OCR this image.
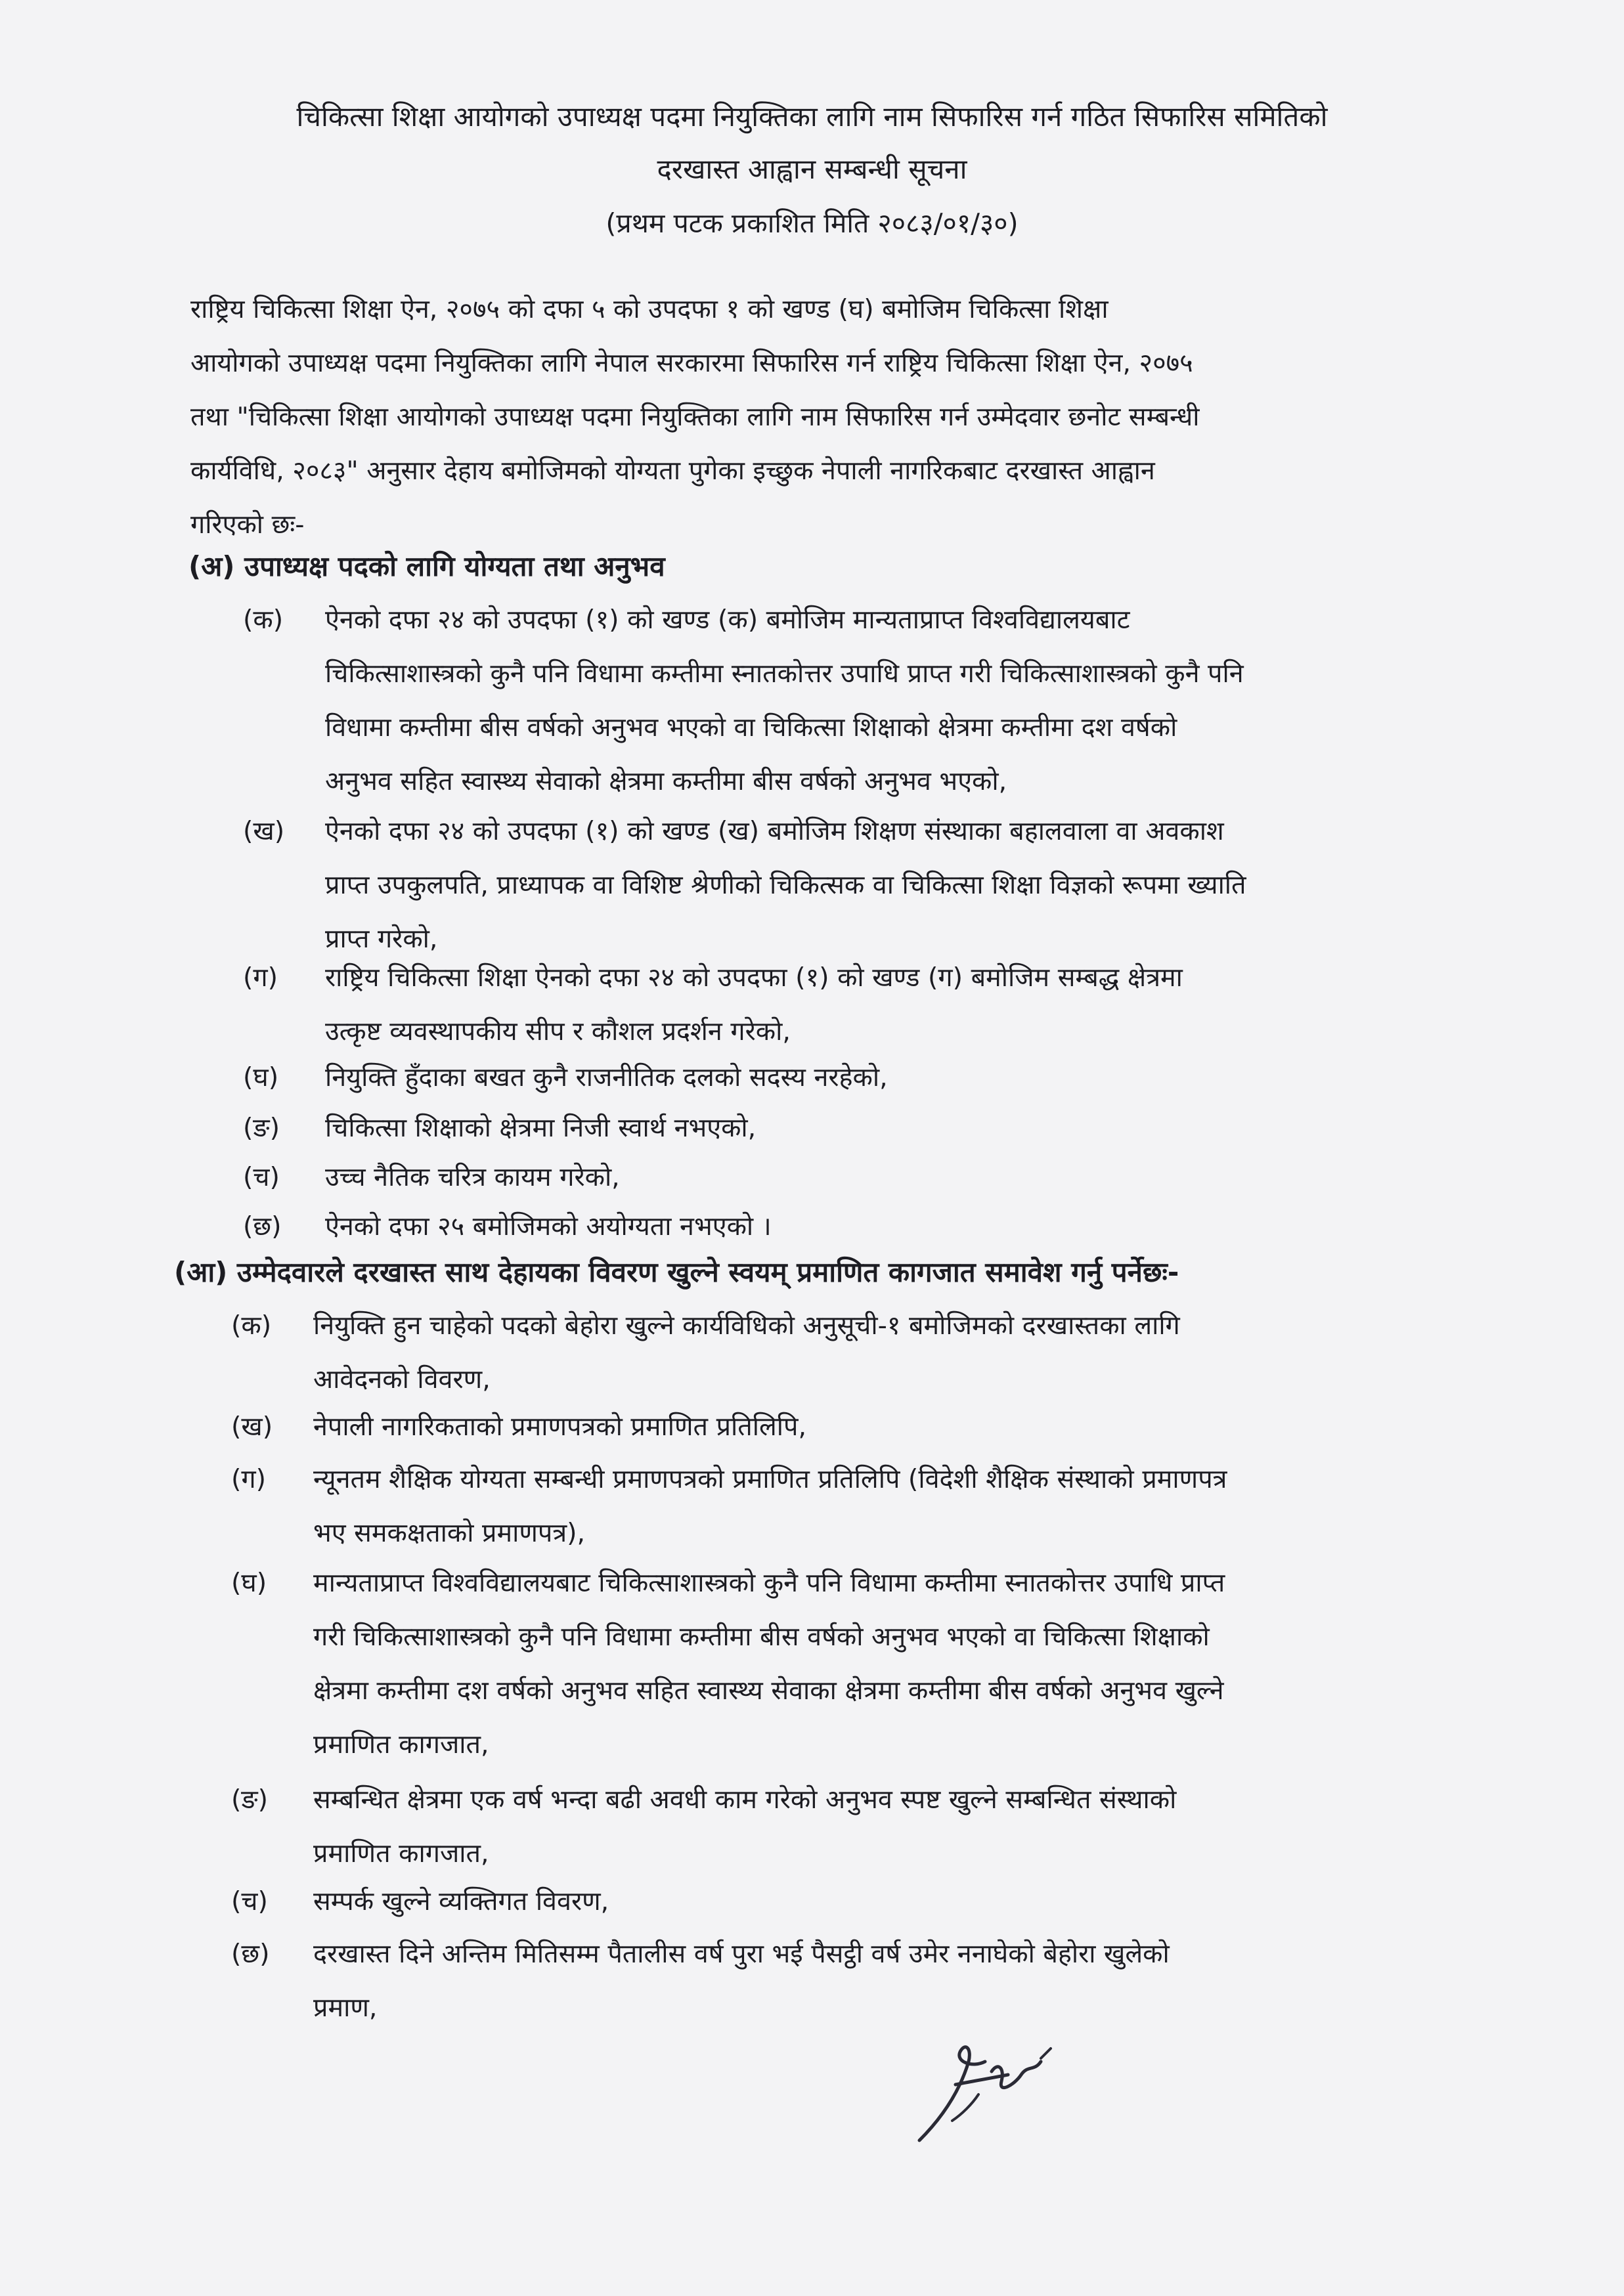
चिकित्सा शिक्षा आयोगको उपाध्यक्ष पदमा नियुक्तिका लागि नाम सिफारिस गर्न गठित सिफारिस समितिको
दरखास्त आह्वान सम्बन्धी सूचना
(प्रथम पटक प्रकाशित मिति २०८३/०१/३०)
राष्ट्रिय चिकित्सा शिक्षा ऐन, २०७५ को दफा ५ को उपदफा १ को खण्ड (घ) बमोजिम चिकित्सा शिक्षा
आयोगको उपाध्यक्ष पदमा नियुक्तिका लागि नेपाल सरकारमा सिफारिस गर्न राष्ट्रिय चिकित्सा शिक्षा ऐन, २०७५
तथा "चिकित्सा शिक्षा आयोगको उपाध्यक्ष पदमा नियुक्तिका लागि नाम सिफारिस गर्न उम्मेदवार छनोट सम्बन्धी
कार्यविधि, २०८३" अनुसार देहाय बमोजिमको योग्यता पुगेका इच्छुक नेपाली नागरिकबाट दरखास्त आह्वान
गरिएको छः-
(अ) उपाध्यक्ष पदको लागि योग्यता तथा अनुभव
(क) ऐनको दफा २४ को उपदफा (१) को खण्ड (क) बमोजिम मान्यताप्राप्त विश्वविद्यालयबाट
चिकित्साशास्त्रको कुनै पनि विधामा कम्तीमा स्नातकोत्तर उपाधि प्राप्त गरी चिकित्साशास्त्रको कुनै पनि
विधामा कम्तीमा बीस वर्षको अनुभव भएको वा चिकित्सा शिक्षाको क्षेत्रमा कम्तीमा दश वर्षको
अनुभव सहित स्वास्थ्य सेवाको क्षेत्रमा कम्तीमा बीस वर्षको अनुभव भएको,
(ख) ऐनको दफा २४ को उपदफा (१) को खण्ड (ख) बमोजिम शिक्षण संस्थाका बहालवाला वा अवकाश
प्राप्त उपकुलपति, प्राध्यापक वा विशिष्ट श्रेणीको चिकित्सक वा चिकित्सा शिक्षा विज्ञको रूपमा ख्याति
प्राप्त गरेको,
(ग) राष्ट्रिय चिकित्सा शिक्षा ऐनको दफा २४ को उपदफा (१) को खण्ड (ग) बमोजिम सम्बद्ध क्षेत्रमा
उत्कृष्ट व्यवस्थापकीय सीप र कौशल प्रदर्शन गरेको,
(घ) नियुक्ति हुँदाका बखत कुनै राजनीतिक दलको सदस्य नरहेको,
(ङ) चिकित्सा शिक्षाको क्षेत्रमा निजी स्वार्थ नभएको,
(च) उच्च नैतिक चरित्र कायम गरेको,
(छ) ऐनको दफा २५ बमोजिमको अयोग्यता नभएको ।
(आ) उम्मेदवारले दरखास्त साथ देहायका विवरण खुल्ने स्वयम् प्रमाणित कागजात समावेश गर्नु पर्नेछः-
(क) नियुक्ति हुन चाहेको पदको बेहोरा खुल्ने कार्यविधिको अनुसूची-१ बमोजिमको दरखास्तका लागि
आवेदनको विवरण,
(ख) नेपाली नागरिकताको प्रमाणपत्रको प्रमाणित प्रतिलिपि,
(ग) न्यूनतम शैक्षिक योग्यता सम्बन्धी प्रमाणपत्रको प्रमाणित प्रतिलिपि (विदेशी शैक्षिक संस्थाको प्रमाणपत्र
भए समकक्षताको प्रमाणपत्र),
(घ) मान्यताप्राप्त विश्वविद्यालयबाट चिकित्साशास्त्रको कुनै पनि विधामा कम्तीमा स्नातकोत्तर उपाधि प्राप्त
गरी चिकित्साशास्त्रको कुनै पनि विधामा कम्तीमा बीस वर्षको अनुभव भएको वा चिकित्सा शिक्षाको
क्षेत्रमा कम्तीमा दश वर्षको अनुभव सहित स्वास्थ्य सेवाका क्षेत्रमा कम्तीमा बीस वर्षको अनुभव खुल्ने
प्रमाणित कागजात,
(ङ) सम्बन्धित क्षेत्रमा एक वर्ष भन्दा बढी अवधी काम गरेको अनुभव स्पष्ट खुल्ने सम्बन्धित संस्थाको
प्रमाणित कागजात,
(च) सम्पर्क खुल्ने व्यक्तिगत विवरण,
(छ) दरखास्त दिने अन्तिम मितिसम्म पैतालीस वर्ष पुरा भई पैसट्ठी वर्ष उमेर ननाघेको बेहोरा खुलेको
प्रमाण,
